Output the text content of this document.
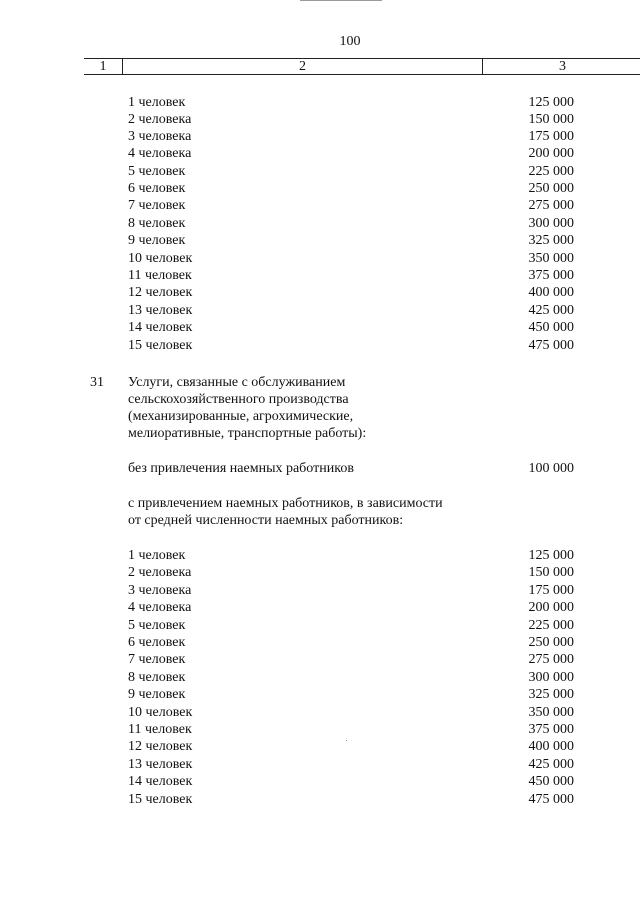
100
1	2	3
1 человек	125 000
2 человека	150 000
3 человека	175 000
4 человека	200 000
5 человек	225 000
6 человек	250 000
7 человек	275 000
8 человек	300 000
9 человек	325 000
10 человек	350 000
11 человек	375 000
12 человек	400 000
13 человек	425 000
14 человек	450 000
15 человек	475 000
31 Услуги, связанные с обслуживанием
сельскохозяйственного производства
(механизированные, агрохимические,
мелиоративные, транспортные работы):
без привлечения наемных работников	100 000
с привлечением наемных работников, в зависимости
от средней численности наемных работников:
1 человек	125 000
2 человека	150 000
3 человека	175 000
4 человека	200 000
5 человек	225 000
6 человек	250 000
7 человек	275 000
8 человек	300 000
9 человек	325 000
10 человек	350 000
11 человек	375 000
12 человек	400 000
13 человек	425 000
14 человек	450 000
15 человек	475 000
